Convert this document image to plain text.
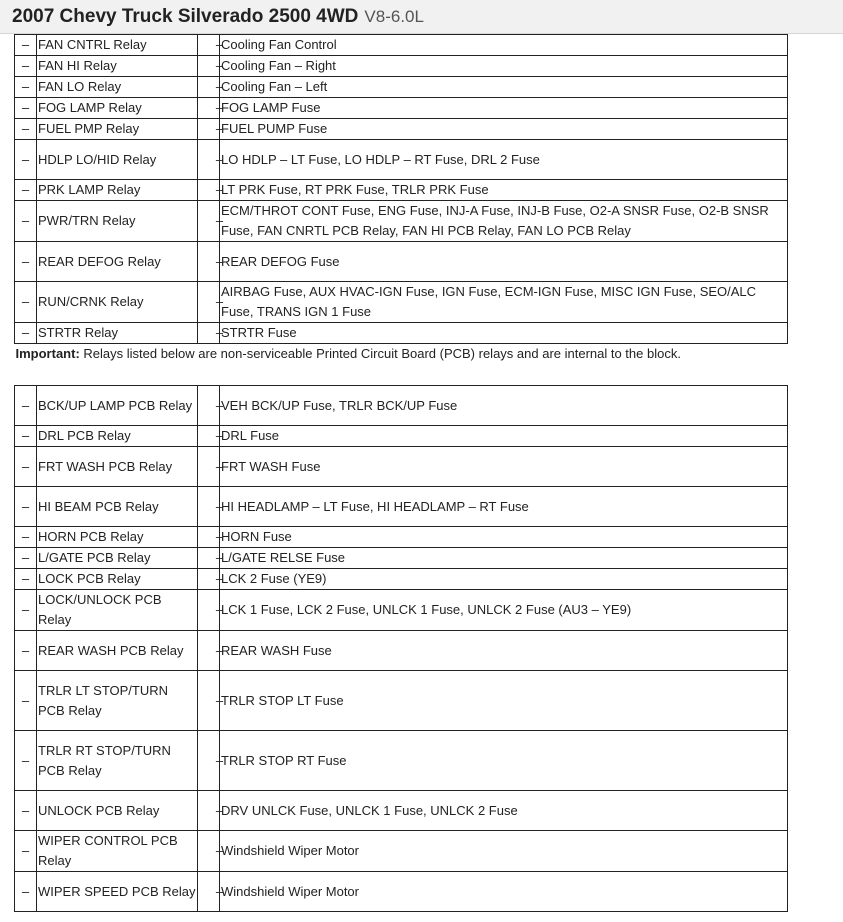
2007 Chevy Truck Silverado 2500 4WD V8-6.0L
–	FAN CNTRL Relay	–	Cooling Fan Control
–	FAN HI Relay	–	Cooling Fan – Right
–	FAN LO Relay	–	Cooling Fan – Left
–	FOG LAMP Relay	–	FOG LAMP Fuse
–	FUEL PMP Relay	–	FUEL PUMP Fuse
–	HDLP LO/HID Relay	–	LO HDLP – LT Fuse, LO HDLP – RT Fuse, DRL 2 Fuse
–	PRK LAMP Relay	–	LT PRK Fuse, RT PRK Fuse, TRLR PRK Fuse
–	PWR/TRN Relay	–	ECM/THROT CONT Fuse, ENG Fuse, INJ-A Fuse, INJ-B Fuse, O2-A SNSR Fuse, O2-B SNSR Fuse, FAN CNRTL PCB Relay, FAN HI PCB Relay, FAN LO PCB Relay
–	REAR DEFOG Relay	–	REAR DEFOG Fuse
–	RUN/CRNK Relay	–	AIRBAG Fuse, AUX HVAC-IGN Fuse, IGN Fuse, ECM-IGN Fuse, MISC IGN Fuse, SEO/ALC Fuse, TRANS IGN 1 Fuse
–	STRTR Relay	–	STRTR Fuse
Important: Relays listed below are non-serviceable Printed Circuit Board (PCB) relays and are internal to the block.			
–	BCK/UP LAMP PCB Relay	–	VEH BCK/UP Fuse, TRLR BCK/UP Fuse
–	DRL PCB Relay	–	DRL Fuse
–	FRT WASH PCB Relay	–	FRT WASH Fuse
–	HI BEAM PCB Relay	–	HI HEADLAMP – LT Fuse, HI HEADLAMP – RT Fuse
–	HORN PCB Relay	–	HORN Fuse
–	L/GATE PCB Relay	–	L/GATE RELSE Fuse
–	LOCK PCB Relay	–	LCK 2 Fuse (YE9)
–	LOCK/UNLOCK PCB Relay	–	LCK 1 Fuse, LCK 2 Fuse, UNLCK 1 Fuse, UNLCK 2 Fuse (AU3 – YE9)
–	REAR WASH PCB Relay	–	REAR WASH Fuse
–	TRLR LT STOP/TURN PCB Relay	–	TRLR STOP LT Fuse
–	TRLR RT STOP/TURN PCB Relay	–	TRLR STOP RT Fuse
–	UNLOCK PCB Relay	–	DRV UNLCK Fuse, UNLCK 1 Fuse, UNLCK 2 Fuse
–	WIPER CONTROL PCB Relay	–	Windshield Wiper Motor
–	WIPER SPEED PCB Relay	–	Windshield Wiper Motor
